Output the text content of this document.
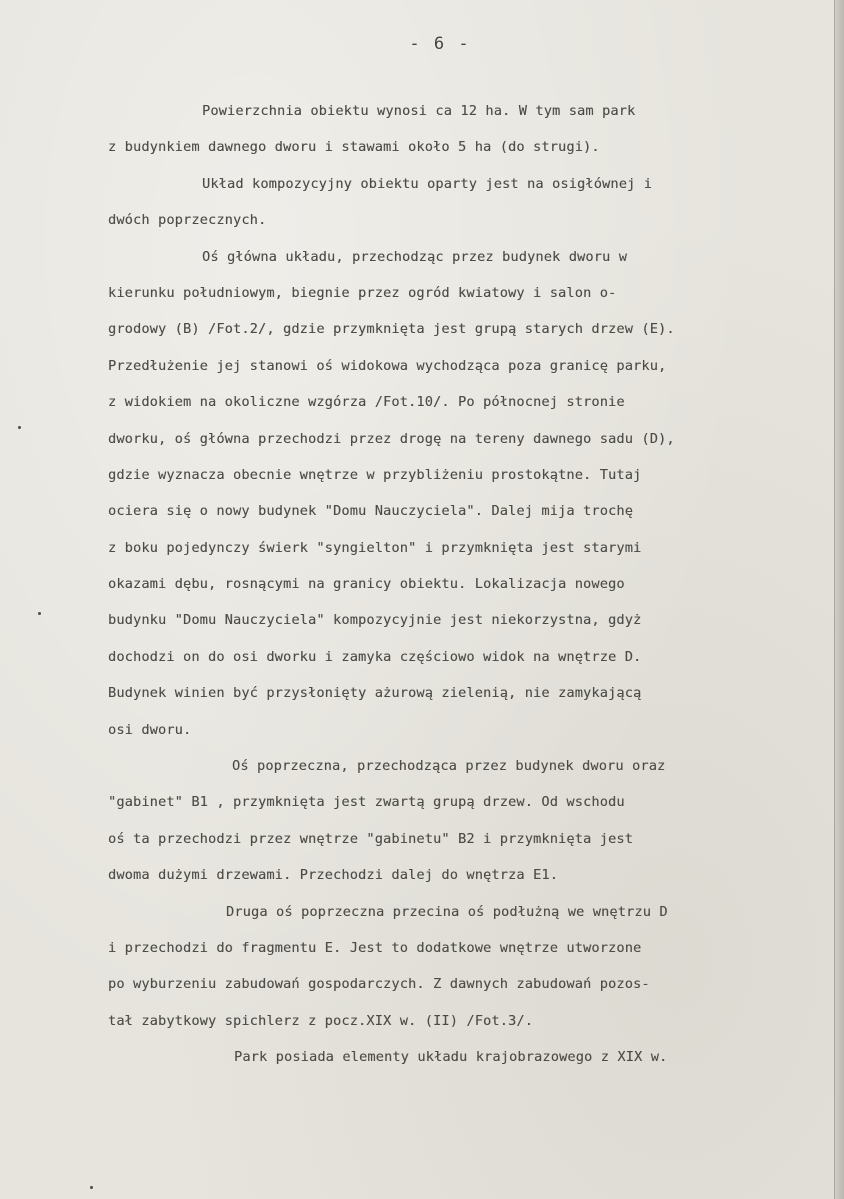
- 6 -
Powierzchnia obiektu wynosi ca 12 ha. W tym sam park
z budynkiem dawnego dworu i stawami około 5 ha (do strugi).
Układ kompozycyjny obiektu oparty jest na osigłównej i
dwóch poprzecznych.
Oś główna układu, przechodząc przez budynek dworu w
kierunku południowym, biegnie przez ogród kwiatowy i salon o-
grodowy (B) /Fot.2/, gdzie przymknięta jest grupą starych drzew (E).
Przedłużenie jej stanowi oś widokowa wychodząca poza granicę parku,
z widokiem na okoliczne wzgórza /Fot.10/. Po północnej stronie
dworku, oś główna przechodzi przez drogę na tereny dawnego sadu (D),
gdzie wyznacza obecnie wnętrze w przybliżeniu prostokątne. Tutaj
ociera się o nowy budynek "Domu Nauczyciela". Dalej mija trochę
z boku pojedynczy świerk "syngielton" i przymknięta jest starymi
okazami dębu, rosnącymi na granicy obiektu. Lokalizacja nowego
budynku "Domu Nauczyciela" kompozycyjnie jest niekorzystna, gdyż
dochodzi on do osi dworku i zamyka częściowo widok na wnętrze D.
Budynek winien być przysłonięty ażurową zielenią, nie zamykającą
osi dworu.
Oś poprzeczna, przechodząca przez budynek dworu oraz
"gabinet" B1 , przymknięta jest zwartą grupą drzew. Od wschodu
oś ta przechodzi przez wnętrze "gabinetu" B2 i przymknięta jest
dwoma dużymi drzewami. Przechodzi dalej do wnętrza E1.
Druga oś poprzeczna przecina oś podłużną we wnętrzu D
i przechodzi do fragmentu E. Jest to dodatkowe wnętrze utworzone
po wyburzeniu zabudowań gospodarczych. Z dawnych zabudowań pozos-
tał zabytkowy spichlerz z pocz.XIX w. (II) /Fot.3/.
Park posiada elementy układu krajobrazowego z XIX w.
